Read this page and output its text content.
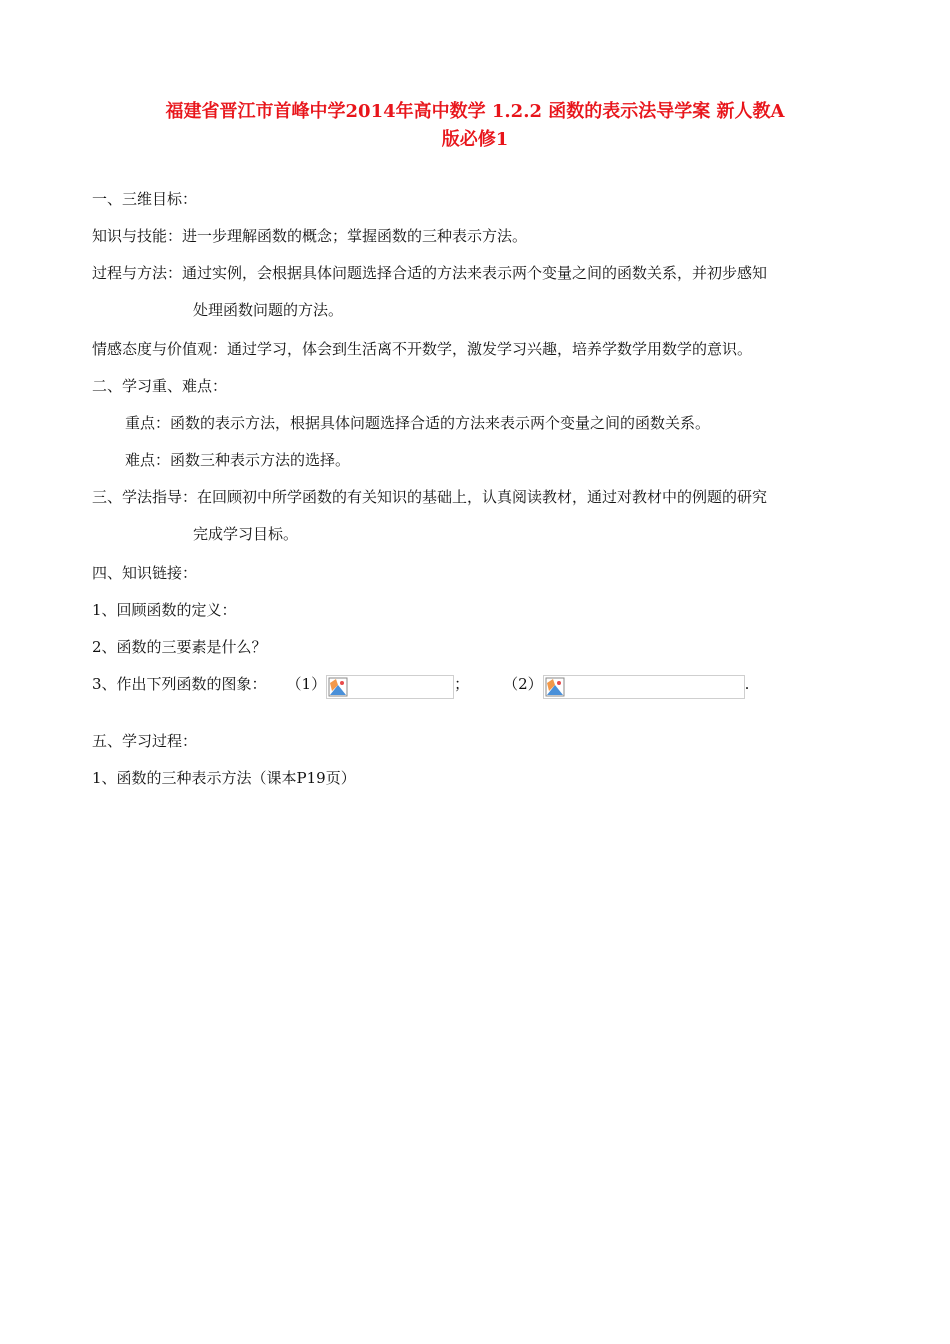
福建省晋江市首峰中学2014年高中数学 1.2.2 函数的表示法导学案 新人教A
版必修1
一、三维目标：
知识与技能：进一步理解函数的概念；掌握函数的三种表示方法。
过程与方法：通过实例，会根据具体问题选择合适的方法来表示两个变量之间的函数关系，并初步感知
处理函数问题的方法。
情感态度与价值观：通过学习，体会到生活离不开数学，激发学习兴趣，培养学数学用数学的意识。
二、学习重、难点：
重点：函数的表示方法，根据具体问题选择合适的方法来表示两个变量之间的函数关系。
难点：函数三种表示方法的选择。
三、学法指导：在回顾初中所学函数的有关知识的基础上，认真阅读教材，通过对教材中的例题的研究
完成学习目标。
四、知识链接：
1、回顾函数的定义：
2、函数的三要素是什么？
3、作出下列函数的图象： （1）	； （2）	.
五、学习过程：
1、函数的三种表示方法（课本P19页）
